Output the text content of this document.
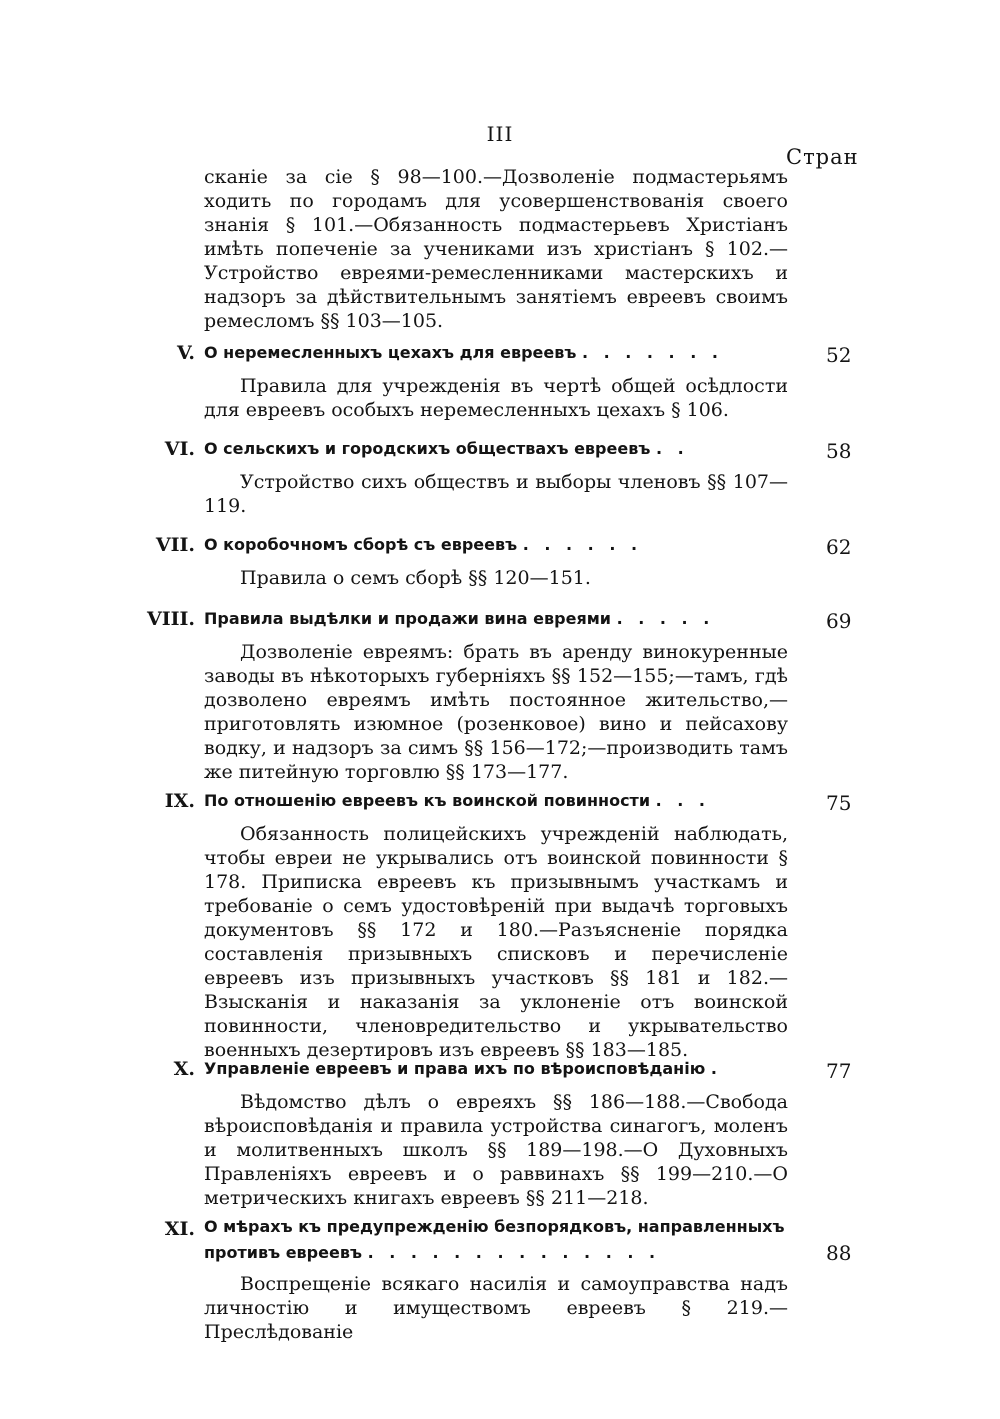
III
Стран
сканіе за сіе § 98—100.—Дозволеніе подмастерьямъ ходить по городамъ для усовершенствованія своего знанія § 101.—Обязанность подмастерьевъ Христіанъ имѣть попеченіе за учениками изъ христіанъ § 102.—Устройство евреями-ремесленниками мастерскихъ и надзоръ за дѣйствительнымъ занятіемъ евреевъ своимъ ремесломъ §§ 103—105.
V. О неремесленныхъ цехахъ для евреевъ . . . . . . .	52
Правила для учрежденія въ чертѣ общей осѣдлости для евреевъ особыхъ неремесленныхъ цехахъ § 106.
VI. О сельскихъ и городскихъ обществахъ евреевъ . .	58
Устройство сихъ обществъ и выборы членовъ §§ 107—119.
VII. О коробочномъ сборѣ съ евреевъ . . . . . .	62
Правила о семъ сборѣ §§ 120—151.
VIII. Правила выдѣлки и продажи вина евреями . . . . .	69
Дозволеніе евреямъ: брать въ аренду винокуренные заводы въ нѣкоторыхъ губерніяхъ §§ 152—155;—тамъ, гдѣ дозволено евреямъ имѣть постоянное жительство,—приготовлять изюмное (розенковое) вино и пейсахову водку, и надзоръ за симъ §§ 156—172;—производить тамъ же питейную торговлю §§ 173—177.
IX. По отношенію евреевъ къ воинской повинности . . .	75
Обязанность полицейскихъ учрежденій наблюдать, чтобы евреи не укрывались отъ воинской повинности § 178. Приписка евреевъ къ призывнымъ участкамъ и требованіе о семъ удостовѣреній при выдачѣ торговыхъ документовъ §§ 172 и 180.—Разъясненіе порядка составленія призывныхъ списковъ и перечисленіе евреевъ изъ призывныхъ участковъ §§ 181 и 182.—Взысканія и наказанія за уклоненіе отъ воинской повинности, членовредительство и укрывательство военныхъ дезертировъ изъ евреевъ §§ 183—185.
X. Управленіе евреевъ и права ихъ по вѣроисповѣданію .	77
Вѣдомство дѣлъ о евреяхъ §§ 186—188.—Свобода вѣроисповѣданія и правила устройства синагогъ, моленъ и молитвенныхъ школъ §§ 189—198.—О Духовныхъ Правленіяхъ евреевъ и о раввинахъ §§ 199—210.—О метрическихъ книгахъ евреевъ §§ 211—218.
XI. О мѣрахъ къ предупрежденію безпорядковъ, направленныхъ противъ евреевъ . . . . . . . . . . . . . .	88
Воспрещеніе всякаго насилія и самоуправства надъ личностію и имуществомъ евреевъ § 219.—Преслѣдованіе
